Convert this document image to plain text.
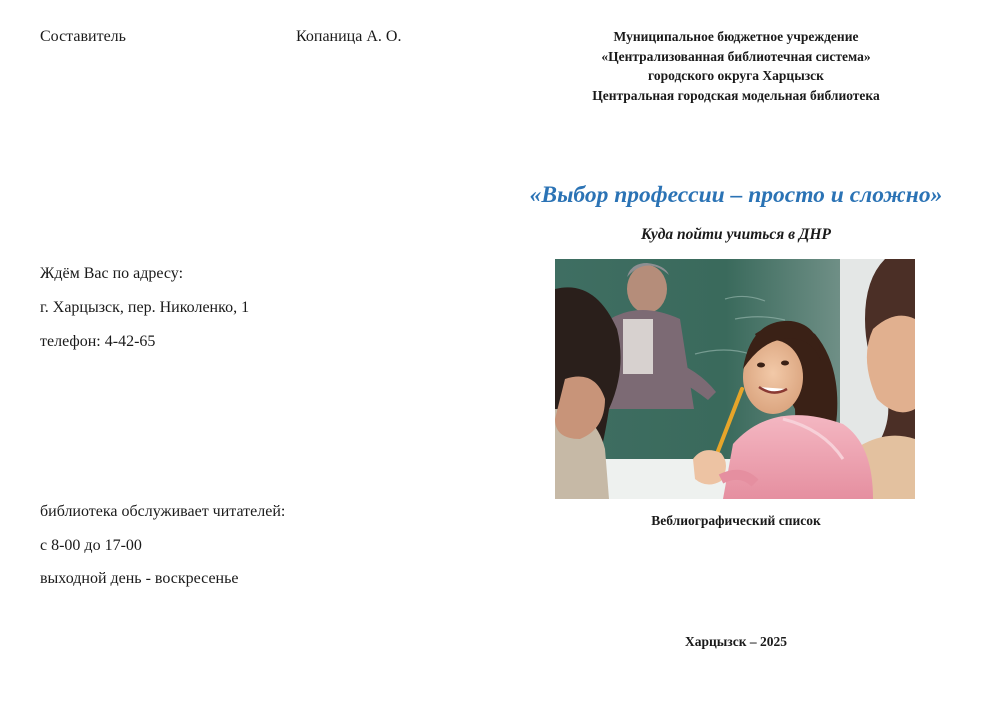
Составитель	Копаница А. О.
Ждём Вас по адресу:
г. Харцызск, пер. Николенко, 1
телефон: 4-42-65
библиотека обслуживает читателей:
с 8-00 до 17-00
выходной день - воскресенье
Муниципальное бюджетное учреждение
«Централизованная библиотечная система»
городского округа Харцызск
Центральная городская модельная библиотека
«Выбор профессии – просто и сложно»
Куда пойти учиться в ДНР
Веблиографический список
Харцызск – 2025
